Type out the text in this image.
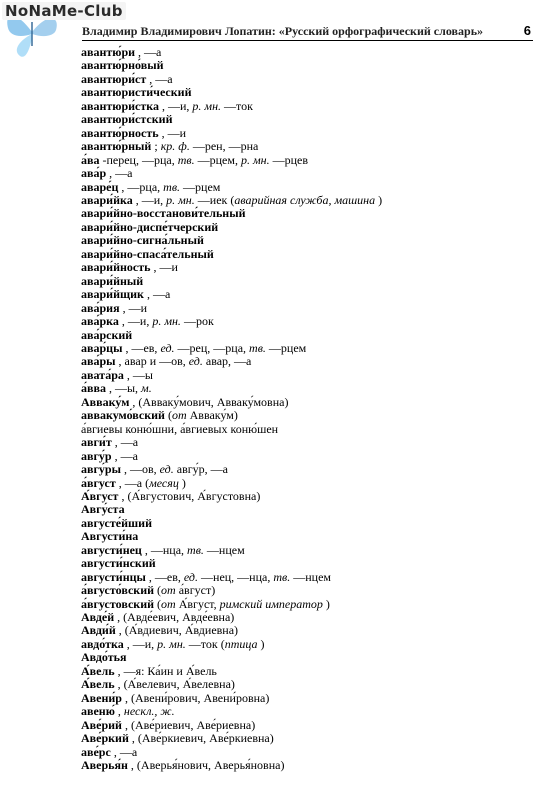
NoNaMe-Club
Владимир Владимирович Лопатин: «Русский орфографический словарь»	6
авантю́ри , —а
авантю́рно́вый
авантюри́ст , —а
авантюристи́ческий
авантюри́стка , —и, р. мн. —ток
авантюри́стский
авантю́рность , —и
авантю́рный ; кр. ф. —рен, —рна
а́ва -перец, —рца, тв. —рцем, р. мн. —рцев
ава́р , —а
аваре́ц , —рца, тв. —рцем
авари́йка , —и, р. мн. —иек (аварийная служба, машина )
авари́йно-восстанови́тельный
авари́йно-диспе́тчерский
авари́йно-сигна́льный
авари́йно-спаса́тельный
авари́йность , —и
авари́йный
авари́йщик , —а
ава́рия , —и
ава́рка , —и, р. мн. —рок
ава́рский
авар́цы , —ев, ед. —рец, —рца, тв. —рцем
ава́ры , авар и —ов, ед. авар, —а
авата́ра , —ы
а́вва , —ы, м.
Авваку́м , (Авваку́мович, Авваку́мовна)
аввакумо́вский (от Авваку́м)
а́вгиевы коню́шни, а́вгиевых коню́шен
авги́т , —а
авгу́р , —а
авгу́ры , —ов, ед. авгу́р, —а
а́вгуст , —а (месяц )
А́вгуст , (А́вгустович, А́вгустовна)
Авгу́ста
августе́йший
Августи́на
августи́нец , —нца, тв. —нцем
августи́нский
августи́нцы , —ев, ед. —нец, —нца, тв. —нцем
а́вгусто́вский (от а́вгуст)
а́вгустовский (от А́вгуст, римский император )
Авде́й , (Авде́евич, Авде́евна)
Авди́й , (А́вдиевич, А́вдиевна)
авдо́тка , —и, р. мн. —ток (птица )
Авдо́тья
А́вель , —я: Ка́ин и А́вель
А́вель , (А́велевич, А́велевна)
Авени́р , (Авени́рович, Авени́ровна)
авеню́ , нескл., ж.
Аве́рий , (Аве́риевич, Аве́риевна)
Аве́ркий , (Аве́ркиевич, Аве́ркиевна)
аве́рс , —а
Аверья́н , (Аверья́нович, Аверья́новна)
